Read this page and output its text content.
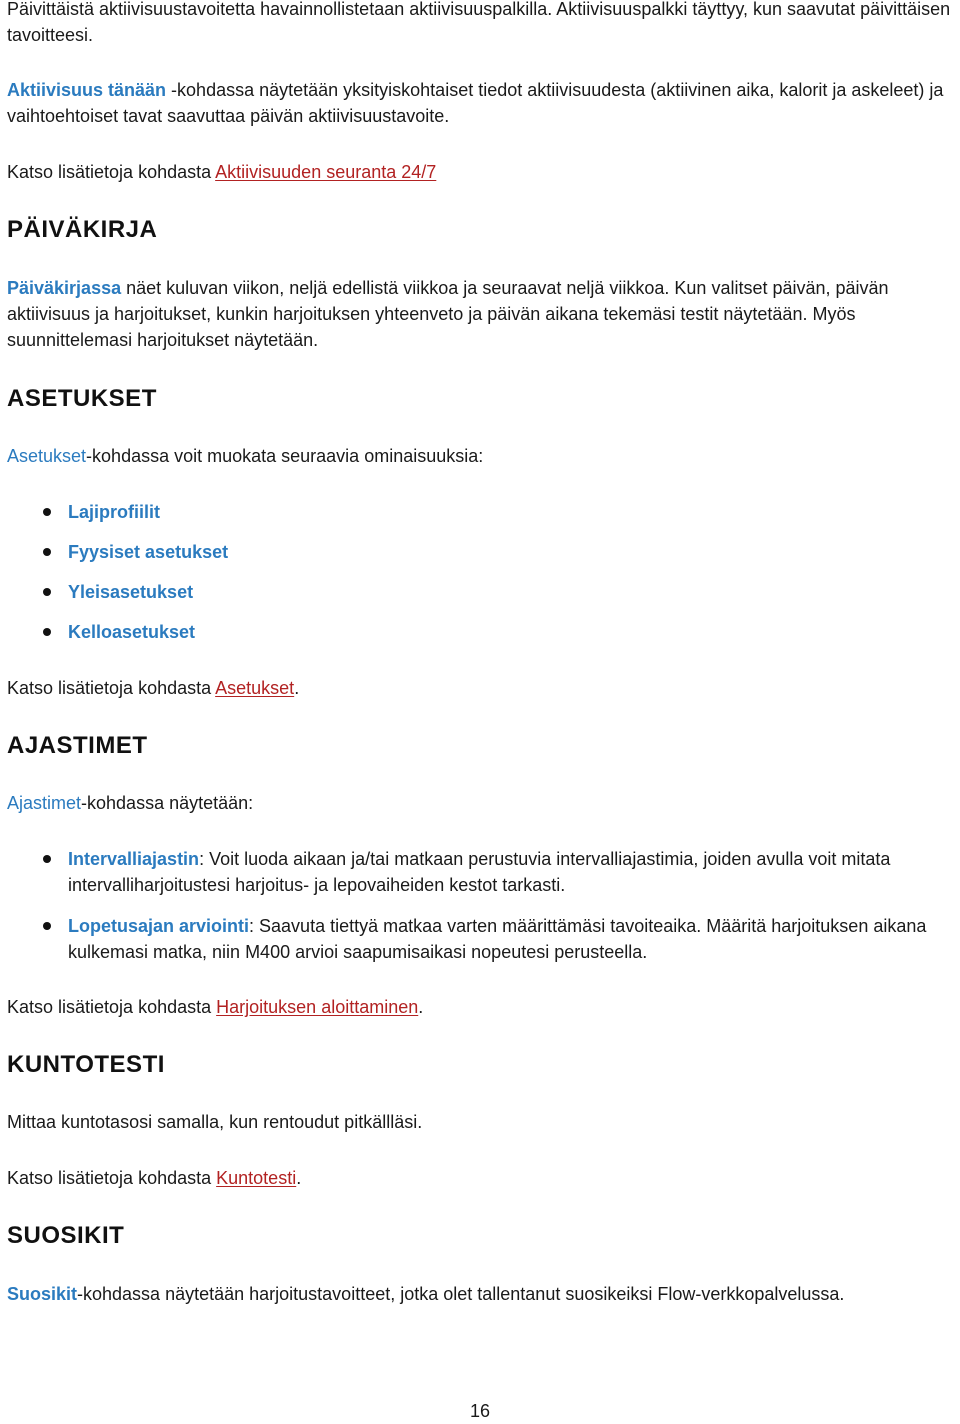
Päivittäistä aktiivisuustavoitetta havainnollistetaan aktiivisuuspalkilla. Aktiivisuuspalkki täyttyy, kun saavutat päivittäisen tavoitteesi.

Aktiivisuus tänään -kohdassa näytetään yksityiskohtaiset tiedot aktiivisuudesta (aktiivinen aika, kalorit ja askeleet) ja vaihtoehtoiset tavat saavuttaa päivän aktiivisuustavoite.

Katso lisätietoja kohdasta Aktiivisuuden seuranta 24/7

PÄIVÄKIRJA

Päiväkirjassa näet kuluvan viikon, neljä edellistä viikkoa ja seuraavat neljä viikkoa. Kun valitset päivän, päivän aktiivisuus ja harjoitukset, kunkin harjoituksen yhteenveto ja päivän aikana tekemäsi testit näytetään. Myös suunnittelemasi harjoitukset näytetään.

ASETUKSET

Asetukset-kohdassa voit muokata seuraavia ominaisuuksia:

Lajiprofiilit
Fyysiset asetukset
Yleisasetukset
Kelloasetukset

Katso lisätietoja kohdasta Asetukset.

AJASTIMET

Ajastimet-kohdassa näytetään:

Intervalliajastin: Voit luoda aikaan ja/tai matkaan perustuvia intervalliajastimia, joiden avulla voit mitata intervalliharjoitustesi harjoitus- ja lepovaiheiden kestot tarkasti.
Lopetusajan arviointi: Saavuta tiettyä matkaa varten määrittämäsi tavoiteaika. Määritä harjoituksen aikana kulkemasi matka, niin M400 arvioi saapumisaikasi nopeutesi perusteella.

Katso lisätietoja kohdasta Harjoituksen aloittaminen.

KUNTOTESTI

Mittaa kuntotasosi samalla, kun rentoudut pitkällläsi.

Katso lisätietoja kohdasta Kuntotesti.

SUOSIKIT

Suosikit-kohdassa näytetään harjoitustavoitteet, jotka olet tallentanut suosikeiksi Flow-verkkopalvelussa.

16
